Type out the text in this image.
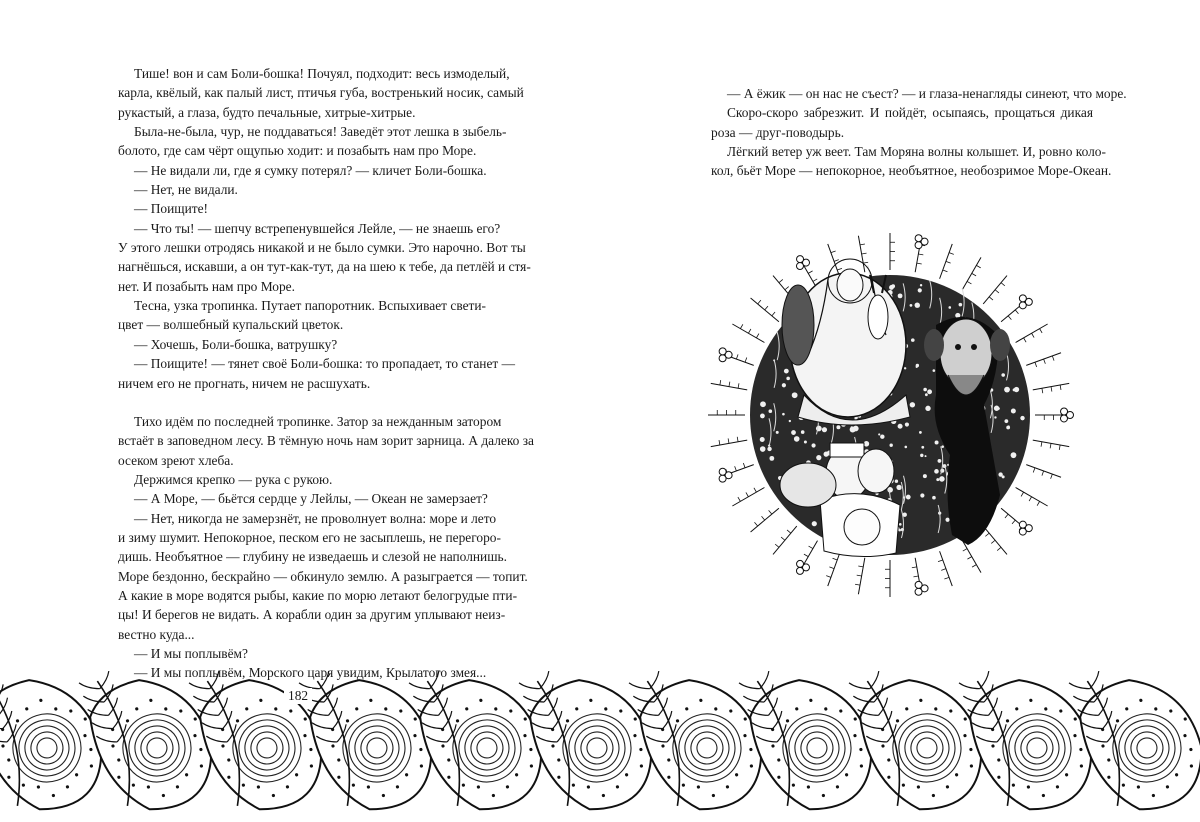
Тише! вон и сам Боли-бошка! Почуял, подходит: весь измоделый,
карла, квёлый, как палый лист, птичья губа, востренький носик, самый
рукастый, а глаза, будто печальные, хитрые-хитрые.
Была-не-была, чур, не поддаваться! Заведёт этот лешка в зыбель-
болото, где сам чёрт ощупью ходит: и позабыть нам про Море.
— Не видали ли, где я сумку потерял? — кличет Боли-бошка.
— Нет, не видали.
— Поищите!
— Что ты! — шепчу встрепенувшейся Лейле, — не знаешь его?
У этого лешки отродясь никакой и не было сумки. Это нарочно. Вот ты
нагнёшься, искавши, а он тут-как-тут, да на шею к тебе, да петлёй и стя-
нет. И позабыть нам про Море.
Тесна, узка тропинка. Путает папоротник. Вспыхивает свети-
цвет — волшебный купальский цветок.
— Хочешь, Боли-бошка, ватрушку?
— Поищите! — тянет своё Боли-бошка: то пропадает, то станет —
ничем его не прогнать, ничем не расшухать.
Тихо идём по последней тропинке. Затор за нежданным затором
встаёт в заповедном лесу. В тёмную ночь нам зорит зарница. А далеко за
осеком зреют хлеба.
Держимся крепко — рука с рукою.
— А Море, — бьётся сердце у Лейлы, — Океан не замерзает?
— Нет, никогда не замерзнёт, не проволнует волна: море и лето
и зиму шумит. Непокорное, песком его не засыплешь, не перегоро-
дишь. Необъятное — глубину не изведаешь и слезой не наполнишь.
Море бездонно, бескрайно — обкинуло землю. А разыграется — топит.
А какие в море водятся рыбы, какие по морю летают белогрудые пти-
цы! И берегов не видать. А корабли один за другим уплывают неиз-
вестно куда...
— И мы поплывём?
— И мы поплывём, Морского царя увидим, Крылатого змея...
— А ёжик — он нас не съест? — и глаза-ненагляды синеют, что море.
Скоро-скоро забрезжит. И пойдёт, осыпаясь, прощаться дикая
роза — друг-поводырь.
Лёгкий ветер уж веет. Там Моряна волны колышет. И, ровно коло-
кол, бьёт Море — непокорное, необъятное, необозримое Море-Океан.
182
